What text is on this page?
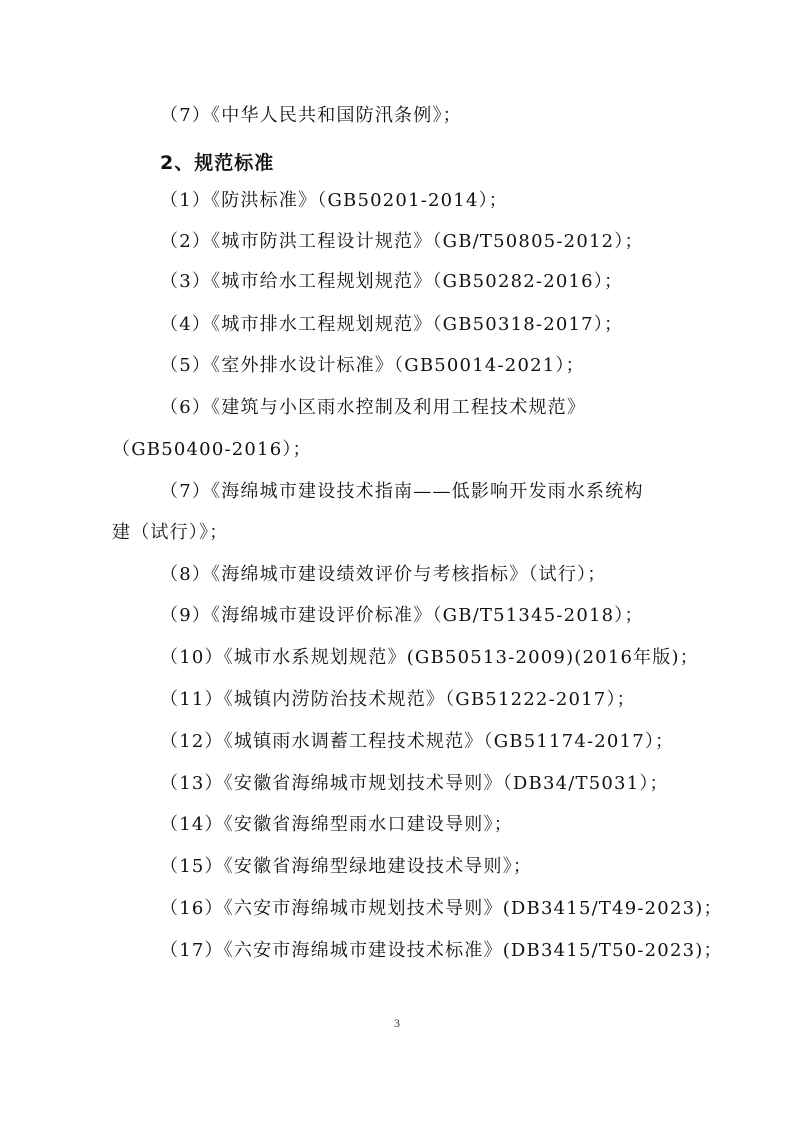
（7）《中华人民共和国防汛条例》；
2、规范标准
（1）《防洪标准》（GB50201-2014）；
（2）《城市防洪工程设计规范》（GB/T50805-2012）；
（3）《城市给水工程规划规范》（GB50282-2016）；
（4）《城市排水工程规划规范》（GB50318-2017）；
（5）《室外排水设计标准》（GB50014-2021）；
（6）《建筑与小区雨水控制及利用工程技术规范》
（GB50400-2016）；
（7）《海绵城市建设技术指南——低影响开发雨水系统构
建（试行）》；
（8）《海绵城市建设绩效评价与考核指标》（试行）；
（9）《海绵城市建设评价标准》（GB/T51345-2018）；
（10）《城市水系规划规范》(GB50513-2009)(2016年版)；
（11）《城镇内涝防治技术规范》（GB51222-2017）；
（12）《城镇雨水调蓄工程技术规范》（GB51174-2017）；
（13）《安徽省海绵城市规划技术导则》（DB34/T5031）；
（14）《安徽省海绵型雨水口建设导则》；
（15）《安徽省海绵型绿地建设技术导则》；
（16）《六安市海绵城市规划技术导则》(DB3415/T49-2023)；
（17）《六安市海绵城市建设技术标准》(DB3415/T50-2023)；
3
